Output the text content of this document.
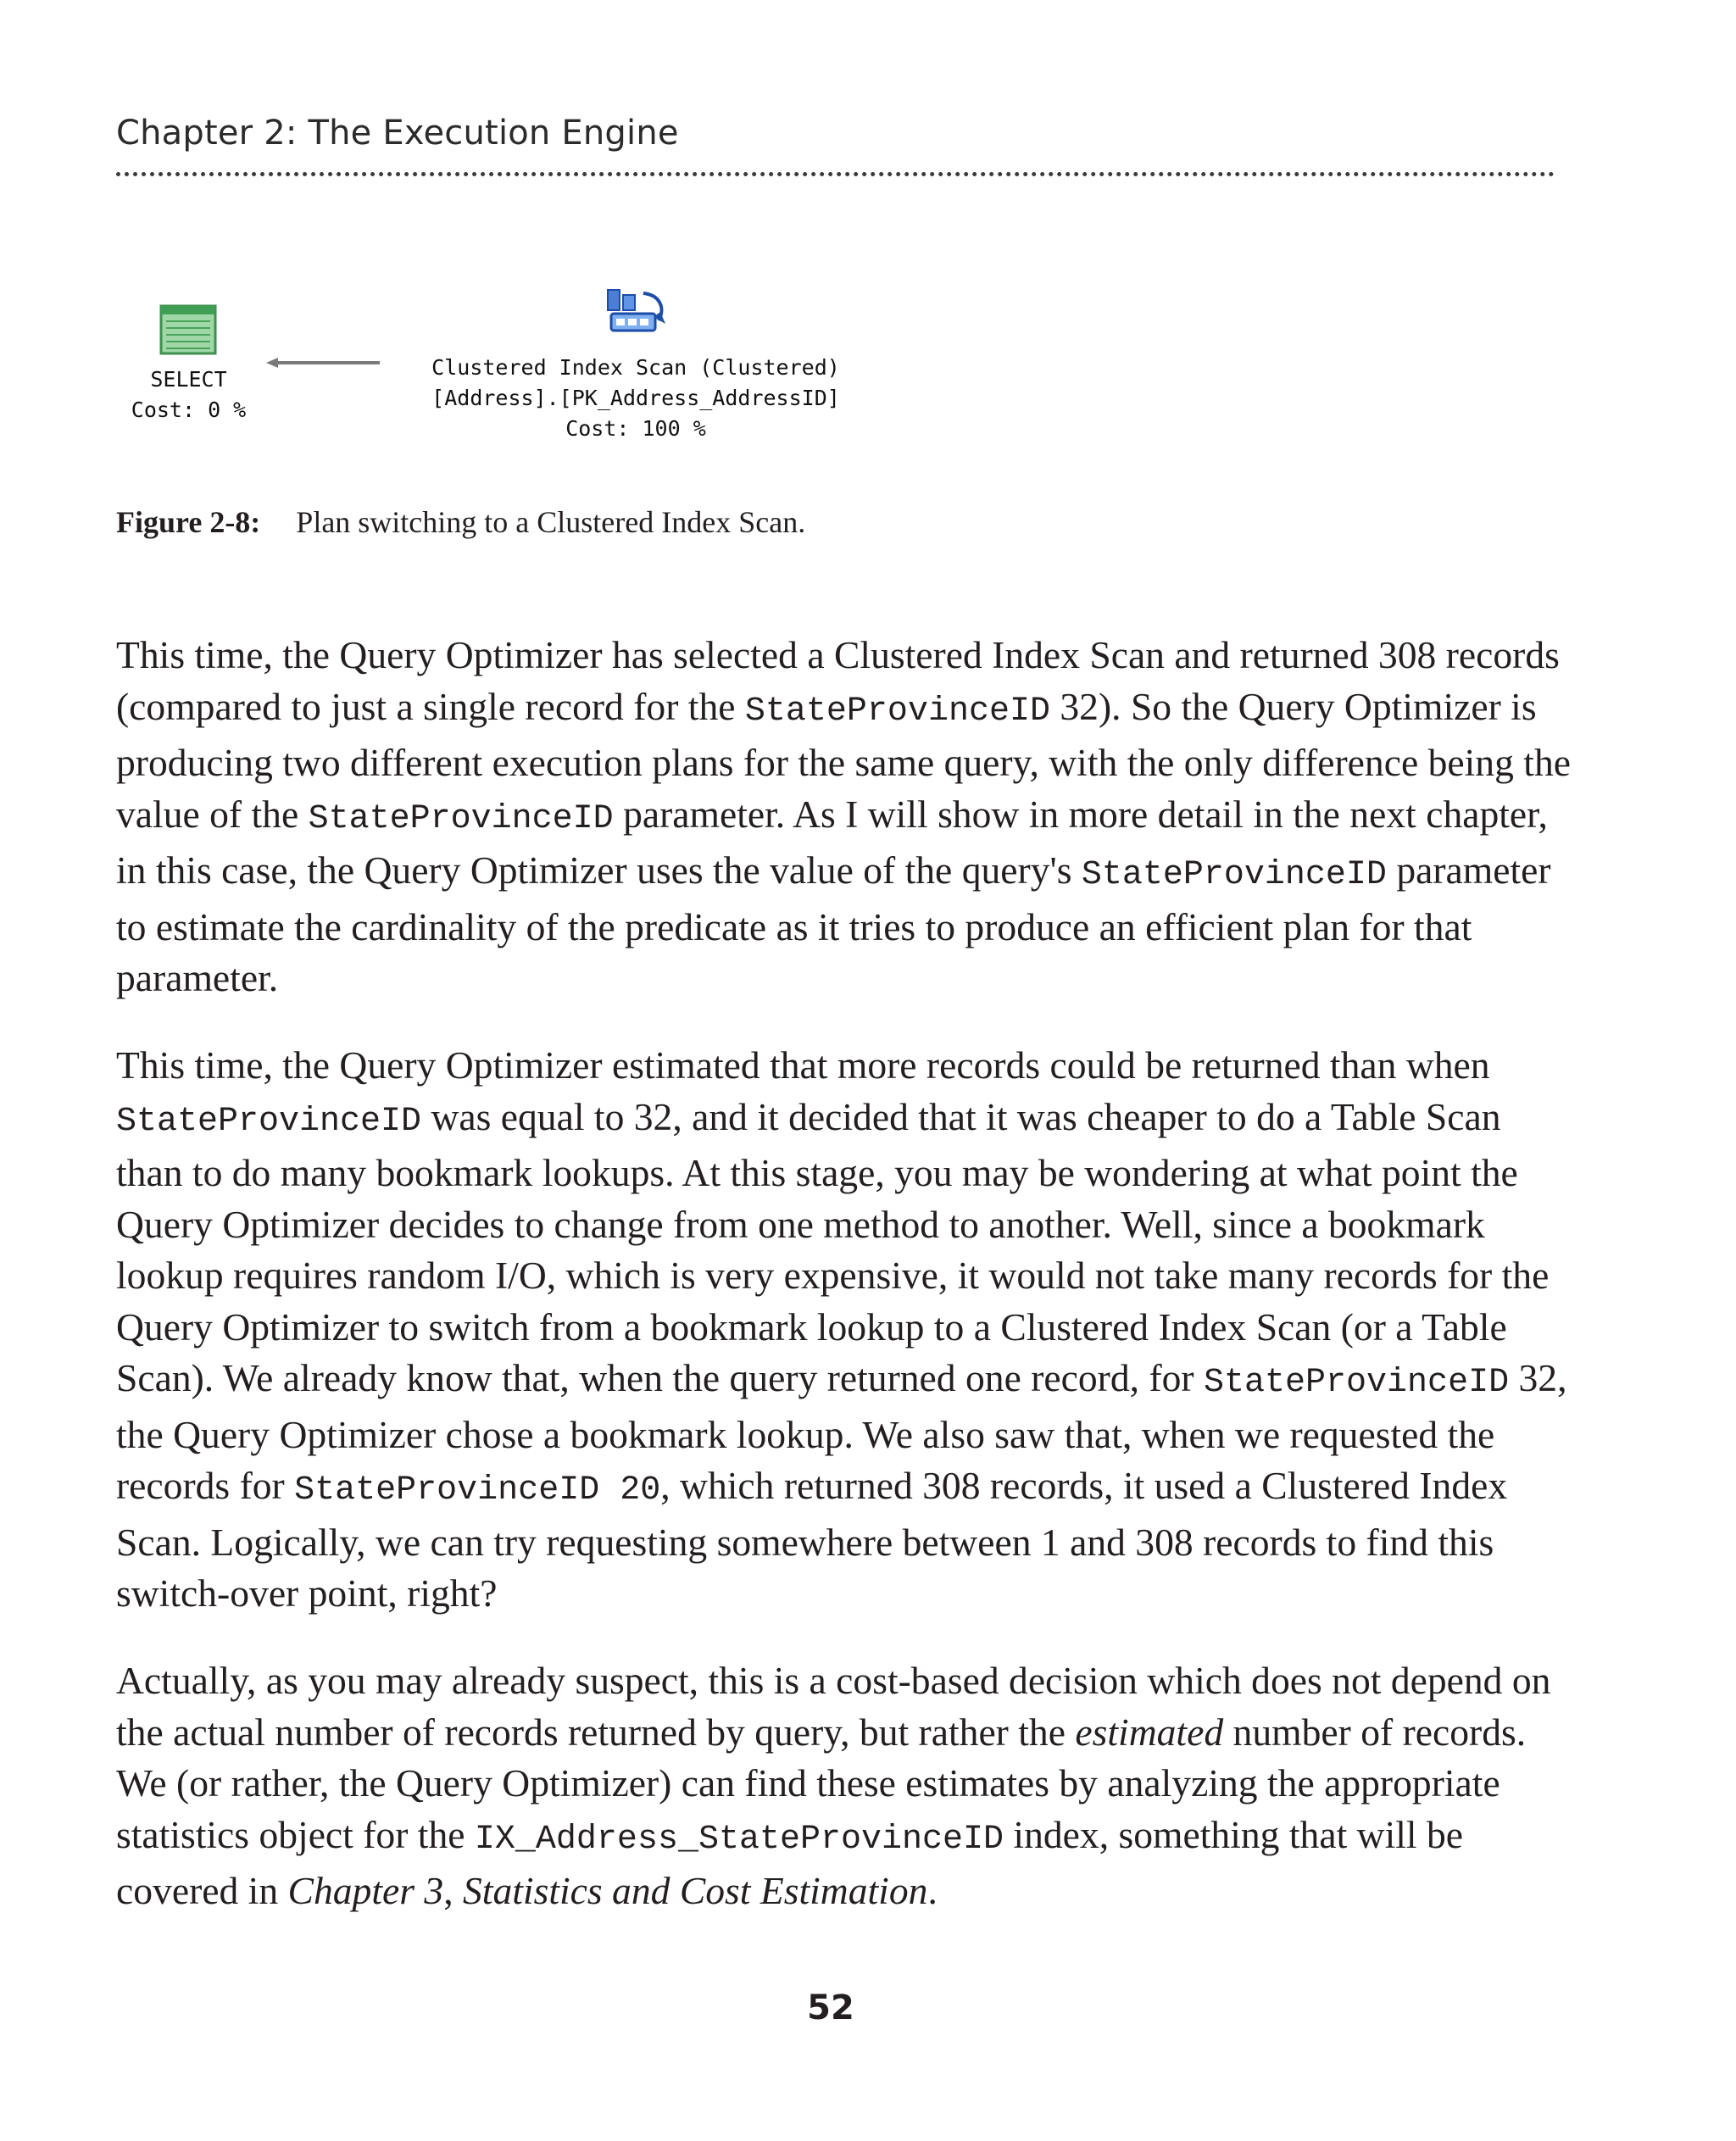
Chapter 2: The Execution Engine

SELECT

Cost: 0 %

Clustered Index Scan (Clustered)

[Address].[PK_Address_AddressID]

Cost: 100 %

Figure 2-8: Plan switching to a Clustered Index Scan.

This time, the Query Optimizer has selected a Clustered Index Scan and returned 308 records (compared to just a single record for the StateProvinceID 32). So the Query Optimizer is producing two different execution plans for the same query, with the only difference being the value of the StateProvinceID parameter. As I will show in more detail in the next chapter, in this case, the Query Optimizer uses the value of the query's StateProvinceID parameter to estimate the cardinality of the predicate as it tries to produce an efficient plan for that parameter.

This time, the Query Optimizer estimated that more records could be returned than when StateProvinceID was equal to 32, and it decided that it was cheaper to do a Table Scan than to do many bookmark lookups. At this stage, you may be wondering at what point the Query Optimizer decides to change from one method to another. Well, since a bookmark lookup requires random I/O, which is very expensive, it would not take many records for the Query Optimizer to switch from a bookmark lookup to a Clustered Index Scan (or a Table Scan). We already know that, when the query returned one record, for StateProvinceID 32, the Query Optimizer chose a bookmark lookup. We also saw that, when we requested the records for StateProvinceID 20, which returned 308 records, it used a Clustered Index Scan. Logically, we can try requesting somewhere between 1 and 308 records to find this switch-over point, right?

Actually, as you may already suspect, this is a cost-based decision which does not depend on the actual number of records returned by query, but rather the estimated number of records. We (or rather, the Query Optimizer) can find these estimates by analyzing the appropriate statistics object for the IX_Address_StateProvinceID index, something that will be covered in Chapter 3, Statistics and Cost Estimation.

52
